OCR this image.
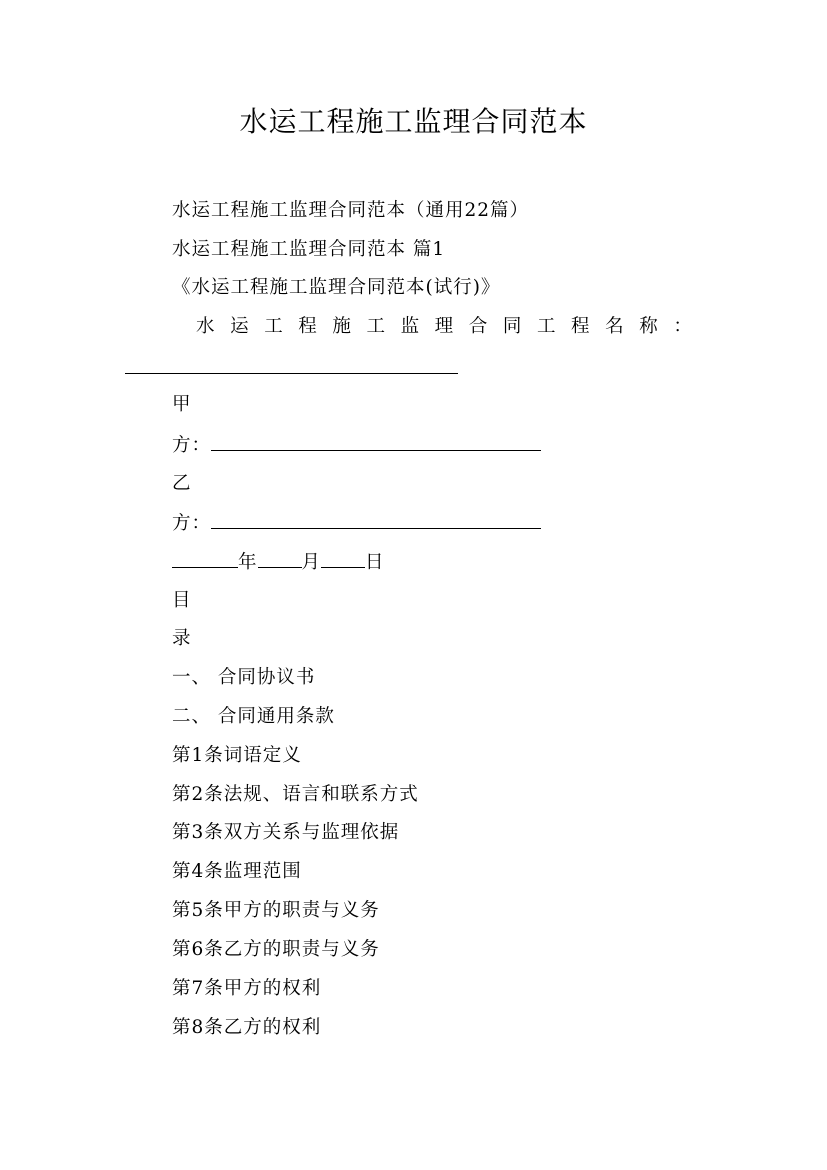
水运工程施工监理合同范本
水运工程施工监理合同范本（通用22篇）
水运工程施工监理合同范本 篇1
《水运工程施工监理合同范本(试行)》
水 运 工 程 施 工 监 理 合 同 工 程 名 称 ：
甲
方：
乙
方：
年 月 日
目
录
一、 合同协议书
二、 合同通用条款
第1条词语定义
第2条法规、语言和联系方式
第3条双方关系与监理依据
第4条监理范围
第5条甲方的职责与义务
第6条乙方的职责与义务
第7条甲方的权利
第8条乙方的权利
